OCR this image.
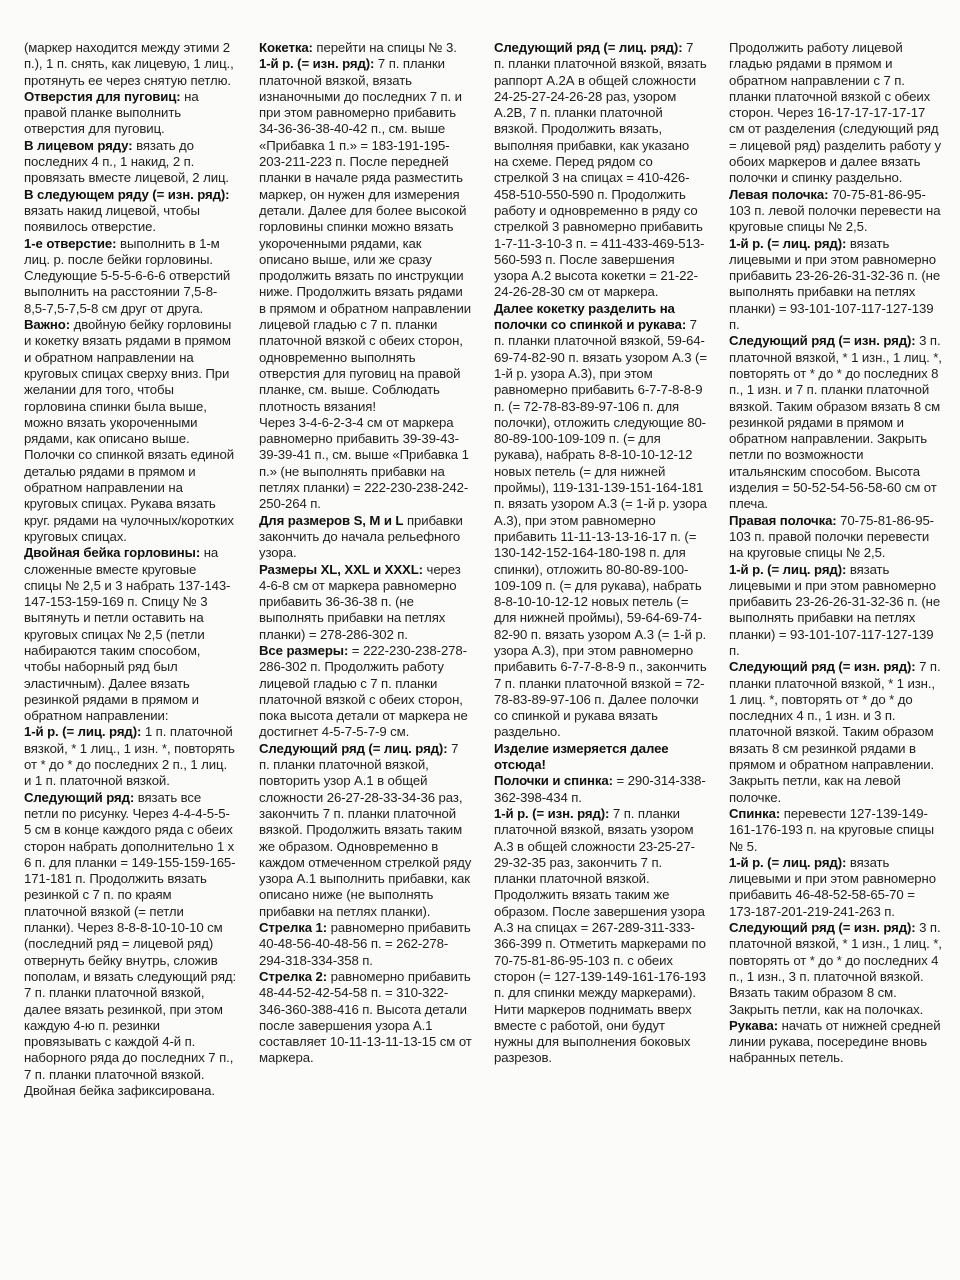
(маркер находится между этими 2 п.), 1 п. снять, как лицевую, 1 лиц., протянуть ее через снятую петлю.

Отверстия для пуговиц: на правой планке выполнить отверстия для пуговиц.

В лицевом ряду: вязать до последних 4 п., 1 накид, 2 п. провязать вместе лицевой, 2 лиц.

В следующем ряду (= изн. ряд): вязать накид лицевой, чтобы появилось отверстие.

1-е отверстие: выполнить в 1-м лиц. р. после бейки горловины. Следующие 5-5-5-6-6-6 отверстий выполнить на расстоянии 7,5-8-8,5-7,5-7,5-8 см друг от друга.

Важно: двойную бейку горловины и кокетку вязать рядами в прямом и обратном направлении на круговых спицах сверху вниз. При желании для того, чтобы горловина спинки была выше, можно вязать укороченными рядами, как описано выше. Полочки со спинкой вязать единой деталью рядами в прямом и обратном направлении на круговых спицах. Рукава вязать круг. рядами на чулочных/коротких круговых спицах.

Двойная бейка горловины: на сложенные вместе круговые спицы № 2,5 и 3 набрать 137-143-147-153-159-169 п. Спицу № 3 вытянуть и петли оставить на круговых спицах № 2,5 (петли набираются таким способом, чтобы наборный ряд был эластичным). Далее вязать резинкой рядами в прямом и обратном направлении:

1-й р. (= лиц. ряд): 1 п. платочной вязкой, * 1 лиц., 1 изн. *, повторять от * до * до последних 2 п., 1 лиц. и 1 п. платочной вязкой.

Следующий ряд: вязать все петли по рисунку. Через 4-4-4-5-5-5 см в конце каждого ряда с обеих сторон набрать дополнительно 1 х 6 п. для планки = 149-155-159-165-171-181 п. Продолжить вязать резинкой с 7 п. по краям платочной вязкой (= петли планки). Через 8-8-8-10-10-10 см (последний ряд = лицевой ряд) отвернуть бейку внутрь, сложив пополам, и вязать следующий ряд: 7 п. планки платочной вязкой, далее вязать резинкой, при этом каждую 4-ю п. резинки провязывать с каждой 4-й п. наборного ряда до последних 7 п., 7 п. планки платочной вязкой. Двойная бейка зафиксирована.

Кокетка: перейти на спицы № 3.

1-й р. (= изн. ряд): 7 п. планки платочной вязкой, вязать изнаночными до последних 7 п. и при этом равномерно прибавить 34-36-36-38-40-42 п., см. выше «Прибавка 1 п.» = 183-191-195-203-211-223 п. После передней планки в начале ряда разместить маркер, он нужен для измерения детали. Далее для более высокой горловины спинки можно вязать укороченными рядами, как описано выше, или же сразу продолжить вязать по инструкции ниже. Продолжить вязать рядами в прямом и обратном направлении лицевой гладью с 7 п. планки платочной вязкой с обеих сторон, одновременно выполнять отверстия для пуговиц на правой планке, см. выше. Соблюдать плотность вязания!

Через 3-4-6-2-3-4 см от маркера равномерно прибавить 39-39-43-39-39-41 п., см. выше «Прибавка 1 п.» (не выполнять прибавки на петлях планки) = 222-230-238-242-250-264 п.

Для размеров S, M и L прибавки закончить до начала рельефного узора.

Размеры XL, XXL и XXXL: через 4-6-8 см от маркера равномерно прибавить 36-36-38 п. (не выполнять прибавки на петлях планки) = 278-286-302 п.

Все размеры: = 222-230-238-278-286-302 п. Продолжить работу лицевой гладью с 7 п. планки платочной вязкой с обеих сторон, пока высота детали от маркера не достигнет 4-5-7-5-7-9 см.

Следующий ряд (= лиц. ряд): 7 п. планки платочной вязкой, повторить узор А.1 в общей сложности 26-27-28-33-34-36 раз, закончить 7 п. планки платочной вязкой. Продолжить вязать таким же образом. Одновременно в каждом отмеченном стрелкой ряду узора А.1 выполнить прибавки, как описано ниже (не выполнять прибавки на петлях планки).

Стрелка 1: равномерно прибавить 40-48-56-40-48-56 п. = 262-278-294-318-334-358 п.

Стрелка 2: равномерно прибавить 48-44-52-42-54-58 п. = 310-322-346-360-388-416 п. Высота детали после завершения узора А.1 составляет 10-11-13-11-13-15 см от маркера.

Следующий ряд (= лиц. ряд): 7 п. планки платочной вязкой, вязать раппорт А.2А в общей сложности 24-25-27-24-26-28 раз, узором А.2В, 7 п. планки платочной вязкой. Продолжить вязать, выполняя прибавки, как указано на схеме. Перед рядом со стрелкой 3 на спицах = 410-426-458-510-550-590 п. Продолжить работу и одновременно в ряду со стрелкой 3 равномерно прибавить 1-7-11-3-10-3 п. = 411-433-469-513-560-593 п. После завершения узора А.2 высота кокетки = 21-22-24-26-28-30 см от маркера.

Далее кокетку разделить на полочки со спинкой и рукава: 7 п. планки платочной вязкой, 59-64-69-74-82-90 п. вязать узором А.3 (= 1-й р. узора А.3), при этом равномерно прибавить 6-7-7-8-8-9 п. (= 72-78-83-89-97-106 п. для полочки), отложить следующие 80-80-89-100-109-109 п. (= для рукава), набрать 8-8-10-10-12-12 новых петель (= для нижней проймы), 119-131-139-151-164-181 п. вязать узором А.3 (= 1-й р. узора А.3), при этом равномерно прибавить 11-11-13-13-16-17 п. (= 130-142-152-164-180-198 п. для спинки), отложить 80-80-89-100-109-109 п. (= для рукава), набрать 8-8-10-10-12-12 новых петель (= для нижней проймы), 59-64-69-74-82-90 п. вязать узором А.3 (= 1-й р. узора А.3), при этом равномерно прибавить 6-7-7-8-8-9 п., закончить 7 п. планки платочной вязкой = 72-78-83-89-97-106 п. Далее полочки со спинкой и рукава вязать раздельно.

Изделие измеряется далее отсюда!

Полочки и спинка: = 290-314-338-362-398-434 п.

1-й р. (= изн. ряд): 7 п. планки платочной вязкой, вязать узором А.3 в общей сложности 23-25-27-29-32-35 раз, закончить 7 п. планки платочной вязкой. Продолжить вязать таким же образом. После завершения узора А.3 на спицах = 267-289-311-333-366-399 п. Отметить маркерами по 70-75-81-86-95-103 п. с обеих сторон (= 127-139-149-161-176-193 п. для спинки между маркерами). Нити маркеров поднимать вверх вместе с работой, они будут нужны для выполнения боковых разрезов.

Продолжить работу лицевой гладью рядами в прямом и обратном направлении с 7 п. планки платочной вязкой с обеих сторон. Через 16-17-17-17-17-17 см от разделения (следующий ряд = лицевой ряд) разделить работу у обоих маркеров и далее вязать полочки и спинку раздельно.

Левая полочка: 70-75-81-86-95-103 п. левой полочки перевести на круговые спицы № 2,5.

1-й р. (= лиц. ряд): вязать лицевыми и при этом равномерно прибавить 23-26-26-31-32-36 п. (не выполнять прибавки на петлях планки) = 93-101-107-117-127-139 п.

Следующий ряд (= изн. ряд): 3 п. платочной вязкой, * 1 изн., 1 лиц. *, повторять от * до * до последних 8 п., 1 изн. и 7 п. планки платочной вязкой. Таким образом вязать 8 см резинкой рядами в прямом и обратном направлении. Закрыть петли по возможности итальянским способом. Высота изделия = 50-52-54-56-58-60 см от плеча.

Правая полочка: 70-75-81-86-95-103 п. правой полочки перевести на круговые спицы № 2,5.

1-й р. (= лиц. ряд): вязать лицевыми и при этом равномерно прибавить 23-26-26-31-32-36 п. (не выполнять прибавки на петлях планки) = 93-101-107-117-127-139 п.

Следующий ряд (= изн. ряд): 7 п. планки платочной вязкой, * 1 изн., 1 лиц. *, повторять от * до * до последних 4 п., 1 изн. и 3 п. платочной вязкой. Таким образом вязать 8 см резинкой рядами в прямом и обратном направлении. Закрыть петли, как на левой полочке.

Спинка: перевести 127-139-149-161-176-193 п. на круговые спицы № 5.

1-й р. (= лиц. ряд): вязать лицевыми и при этом равномерно прибавить 46-48-52-58-65-70 = 173-187-201-219-241-263 п.

Следующий ряд (= изн. ряд): 3 п. платочной вязкой, * 1 изн., 1 лиц. *, повторять от * до * до последних 4 п., 1 изн., 3 п. платочной вязкой. Вязать таким образом 8 см. Закрыть петли, как на полочках.

Рукава: начать от нижней средней линии рукава, посередине вновь набранных петель.
